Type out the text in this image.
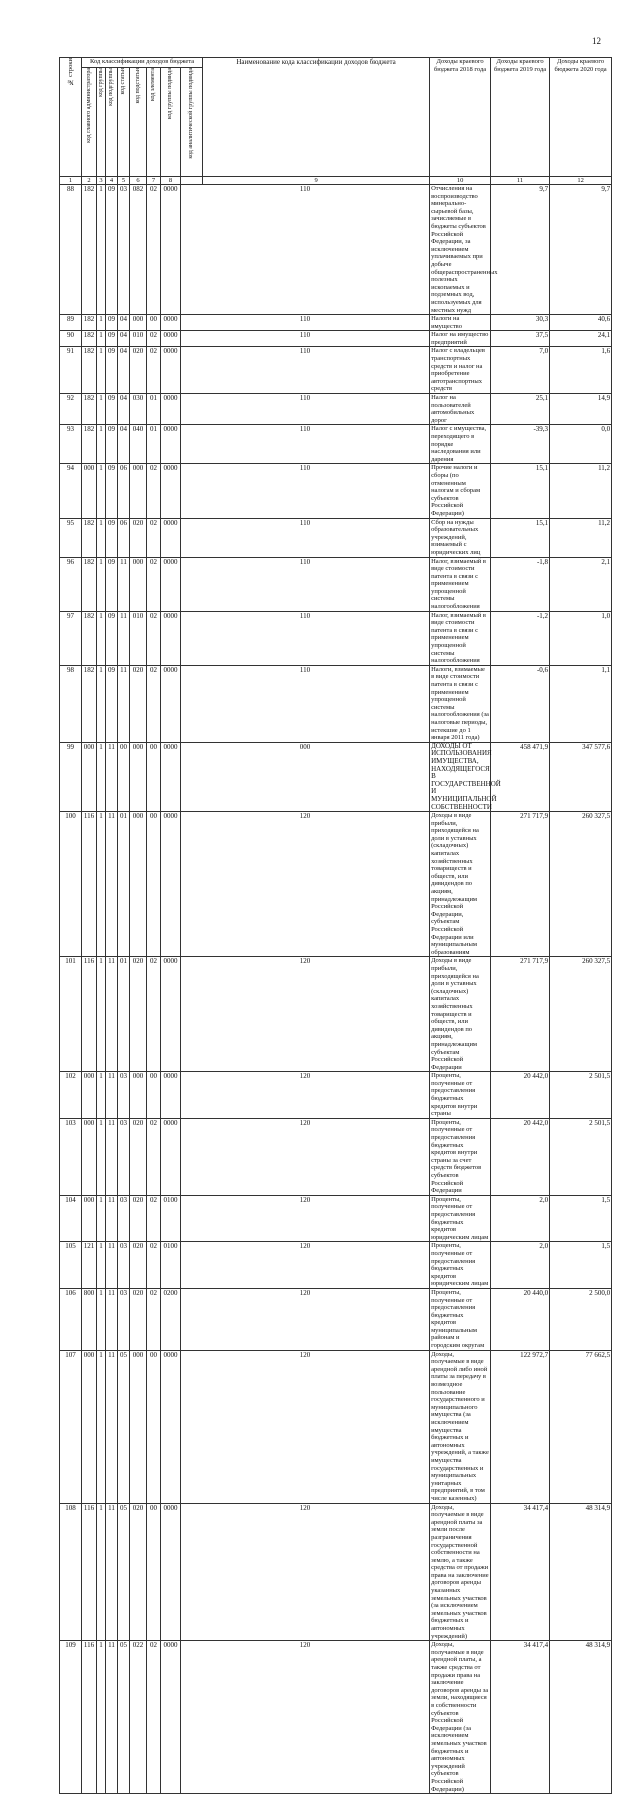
12
№ строки	Код классификации доходов бюджета								Наименование кода классификации доходов бюджета	Доходы краевого бюджета 2018 года	Доходы краевого бюджета 2019 года	Доходы краевого бюджета 2020 года	

	код главного администратора	код группы	код подгруппы	код статьи	код подстатьи	код элемента	код группы подвида	код аналитической группы подвида					

1	2	3	4	5	6	7	8		9	10	11	12	
88	182	1	09	03	082	02	0000	110		Отчисления на воспроизводство минерально-сырьевой базы, зачисляемые в бюджеты субъектов Российской Федерации, за исключением уплачиваемых при добыче общераспространенных полезных ископаемых и подземных вод, используемых для местных нужд	9,7	9,7	
89	182	1	09	04	000	00	0000	110		Налоги на имущество	30,3	40,6	
90	182	1	09	04	010	02	0000	110		Налог на имущество предприятий	37,5	24,1	
91	182	1	09	04	020	02	0000	110		Налог с владельцев транспортных средств и налог на приобретение автотранспортных средств	7,0	1,6	
92	182	1	09	04	030	01	0000	110		Налог на пользователей автомобильных дорог	25,1	14,9	
93	182	1	09	04	040	01	0000	110		Налог с имущества, переходящего в порядке наследования или дарения	-39,3	0,0	
94	000	1	09	06	000	02	0000	110		Прочие налоги и сборы (по отмененным налогам и сборам субъектов Российской Федерации)	15,1	11,2	
95	182	1	09	06	020	02	0000	110		Сбор на нужды образовательных учреждений, взимаемый с юридических лиц	15,1	11,2	
96	182	1	09	11	000	02	0000	110		Налог, взимаемый в виде стоимости патента в связи с применением упрощенной системы налогообложения	-1,8	2,1	
97	182	1	09	11	010	02	0000	110		Налог, взимаемый в виде стоимости патента в связи с применением упрощенной системы налогообложения	-1,2	1,0	
98	182	1	09	11	020	02	0000	110		Налоги, взимаемые в виде стоимости патента в связи с применением упрощенной системы налогообложения (за налоговые периоды, истекшие до 1 января 2011 года)	-0,6	1,1	
99	000	1	11	00	000	00	0000	000		ДОХОДЫ ОТ ИСПОЛЬЗОВАНИЯ ИМУЩЕСТВА, НАХОДЯЩЕГОСЯ В ГОСУДАРСТВЕННОЙ И МУНИЦИПАЛЬНОЙ СОБСТВЕННОСТИ	458 471,9	347 577,6	
100	116	1	11	01	000	00	0000	120		Доходы в виде прибыли, приходящейся на доли в уставных (складочных) капиталах хозяйственных товариществ и обществ, или дивидендов по акциям, принадлежащим Российской Федерации, субъектам Российской Федерации или муниципальным образованиям	271 717,9	260 327,5	
101	116	1	11	01	020	02	0000	120		Доходы в виде прибыли, приходящейся на доли в уставных (складочных) капиталах хозяйственных товариществ и обществ, или дивидендов по акциям, принадлежащим субъектам Российской Федерации	271 717,9	260 327,5	
102	000	1	11	03	000	00	0000	120		Проценты, полученные от предоставления бюджетных кредитов внутри страны	20 442,0	2 501,5	
103	000	1	11	03	020	02	0000	120		Проценты, полученные от предоставления бюджетных кредитов внутри страны за счет средств бюджетов субъектов Российской Федерации	20 442,0	2 501,5	
104	000	1	11	03	020	02	0100	120		Проценты, полученные от предоставления бюджетных кредитов юридическим лицам	2,0	1,5	
105	121	1	11	03	020	02	0100	120		Проценты, полученные от предоставления бюджетных кредитов юридическим лицам	2,0	1,5	
106	800	1	11	03	020	02	0200	120		Проценты, полученные от предоставления бюджетных кредитов муниципальным районам и городским округам	20 440,0	2 500,0	
107	000	1	11	05	000	00	0000	120		Доходы, получаемые в виде арендной либо иной платы за передачу в возмездное пользование государственного и муниципального имущества (за исключением имущества бюджетных и автономных учреждений, а также имущества государственных и муниципальных унитарных предприятий, в том числе казенных)	122 972,7	77 662,5	
108	116	1	11	05	020	00	0000	120		Доходы, получаемые в виде арендной платы за земли после разграничения государственной собственности на землю, а также средства от продажи права на заключение договоров аренды указанных земельных участков (за исключением земельных участков бюджетных и автономных учреждений)	34 417,4	48 314,9	
109	116	1	11	05	022	02	0000	120		Доходы, получаемые в виде арендной платы, а также средства от продажи права на заключение договоров аренды за земли, находящиеся в собственности субъектов Российской Федерации (за исключением земельных участков бюджетных и автономных учреждений субъектов Российской Федерации)	34 417,4	48 314,9	
